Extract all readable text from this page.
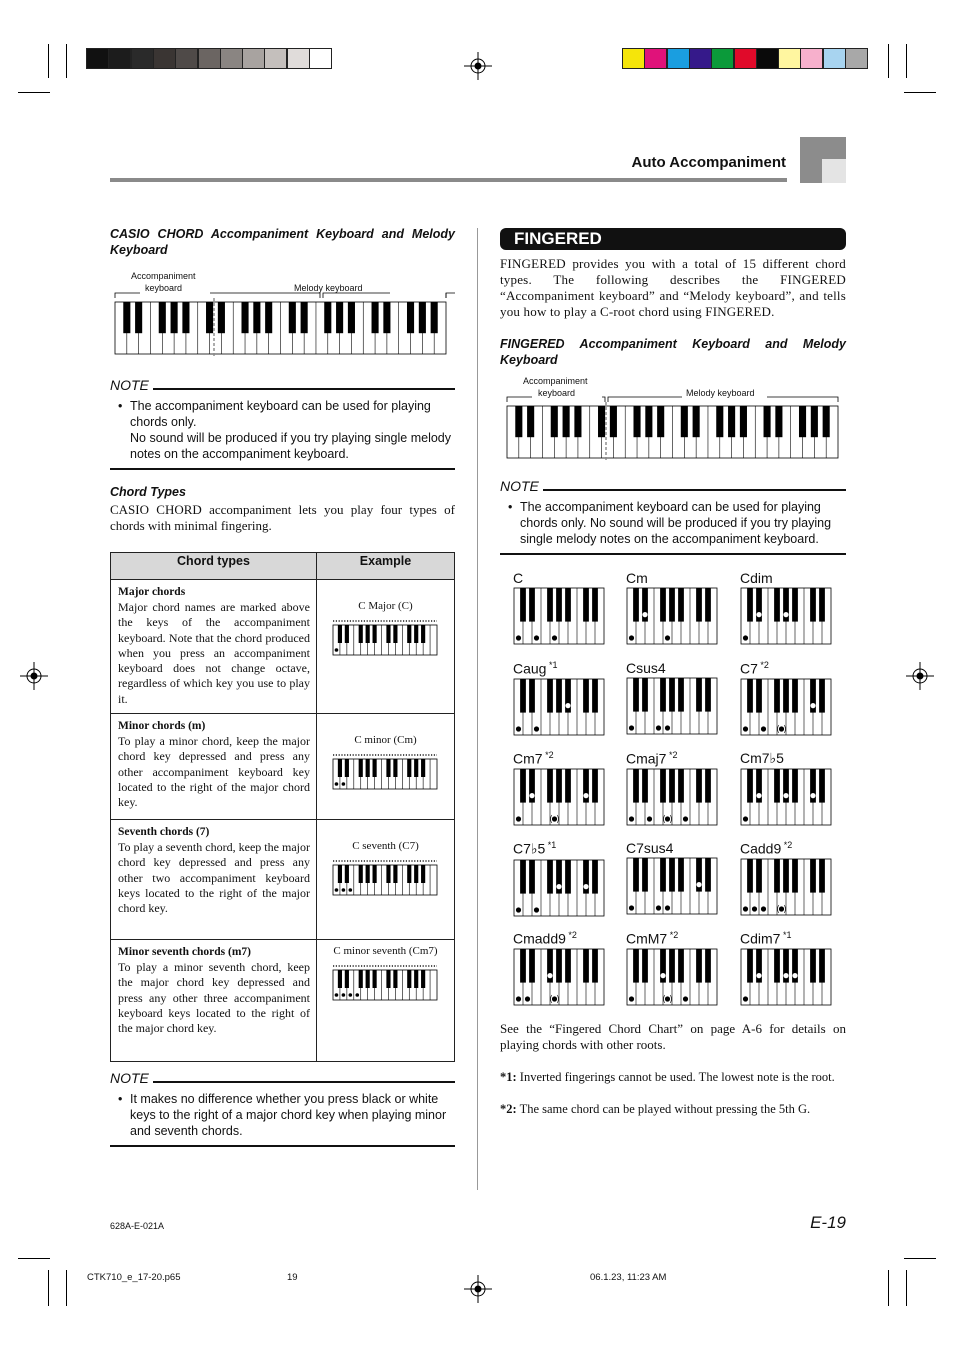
Auto Accompaniment
CASIO CHORD Accompaniment Keyboard and Melody Keyboard
Accompaniment
keyboard	Melody keyboard
NOTE
• The accompaniment keyboard can be used for playing chords only.
No sound will be produced if you try playing single melody notes on the accompaniment keyboard.
Chord Types
CASIO CHORD accompaniment lets you play four types of chords with minimal fingering.
Chord types	Example

Major chords
Major chord names are marked above the keys of the accompaniment keyboard. Note that the chord produced when you press an accompaniment keyboard does not change octave, regardless of which key you use to play it.	C Major (C)

Minor chords (m)
To play a minor chord, keep the major chord key depressed and press any other accompaniment keyboard key located to the right of the major chord key.	C minor (Cm)

Seventh chords (7)
To play a seventh chord, keep the major chord key depressed and press any other two accompaniment keyboard keys located to the right of the major chord key.	C seventh (C7)

Minor seventh chords (m7)
To play a minor seventh chord, keep the major chord key depressed and press any other three accompaniment keyboard keys located to the right of the major chord key.	C minor seventh (Cm7)
NOTE
• It makes no difference whether you press black or white keys to the right of a major chord key when playing minor and seventh chords.
FINGERED
FINGERED provides you with a total of 15 different chord types. The following describes the FINGERED “Accompaniment keyboard” and “Melody keyboard”, and tells you how to play a C-root chord using FINGERED.
FINGERED Accompaniment Keyboard and Melody Keyboard
Accompaniment
keyboard	Melody keyboard
NOTE
• The accompaniment keyboard can be used for playing chords only. No sound will be produced if you try playing single melody notes on the accompaniment keyboard.
C	Cm	Cdim
Caug $^{*1}$	Csus4	C7 $^{*2}$
Cm7 $^{*2}$	Cmaj7 $^{*2}$	Cm7♭5
C7♭5 $^{*1}$	C7sus4	Cadd9 $^{*2}$
Cmadd9 $^{*2}$	CmM7 $^{*2}$	Cdim7 $^{*1}$
See the “Fingered Chord Chart” on page A-6 for details on playing chords with other roots.
*1: Inverted fingerings cannot be used. The lowest note is the root.
*2: The same chord can be played without pressing the 5th G.
628A-E-021A	E-19
CTK710_e_17-20.p65	19	06.1.23, 11:23 AM
